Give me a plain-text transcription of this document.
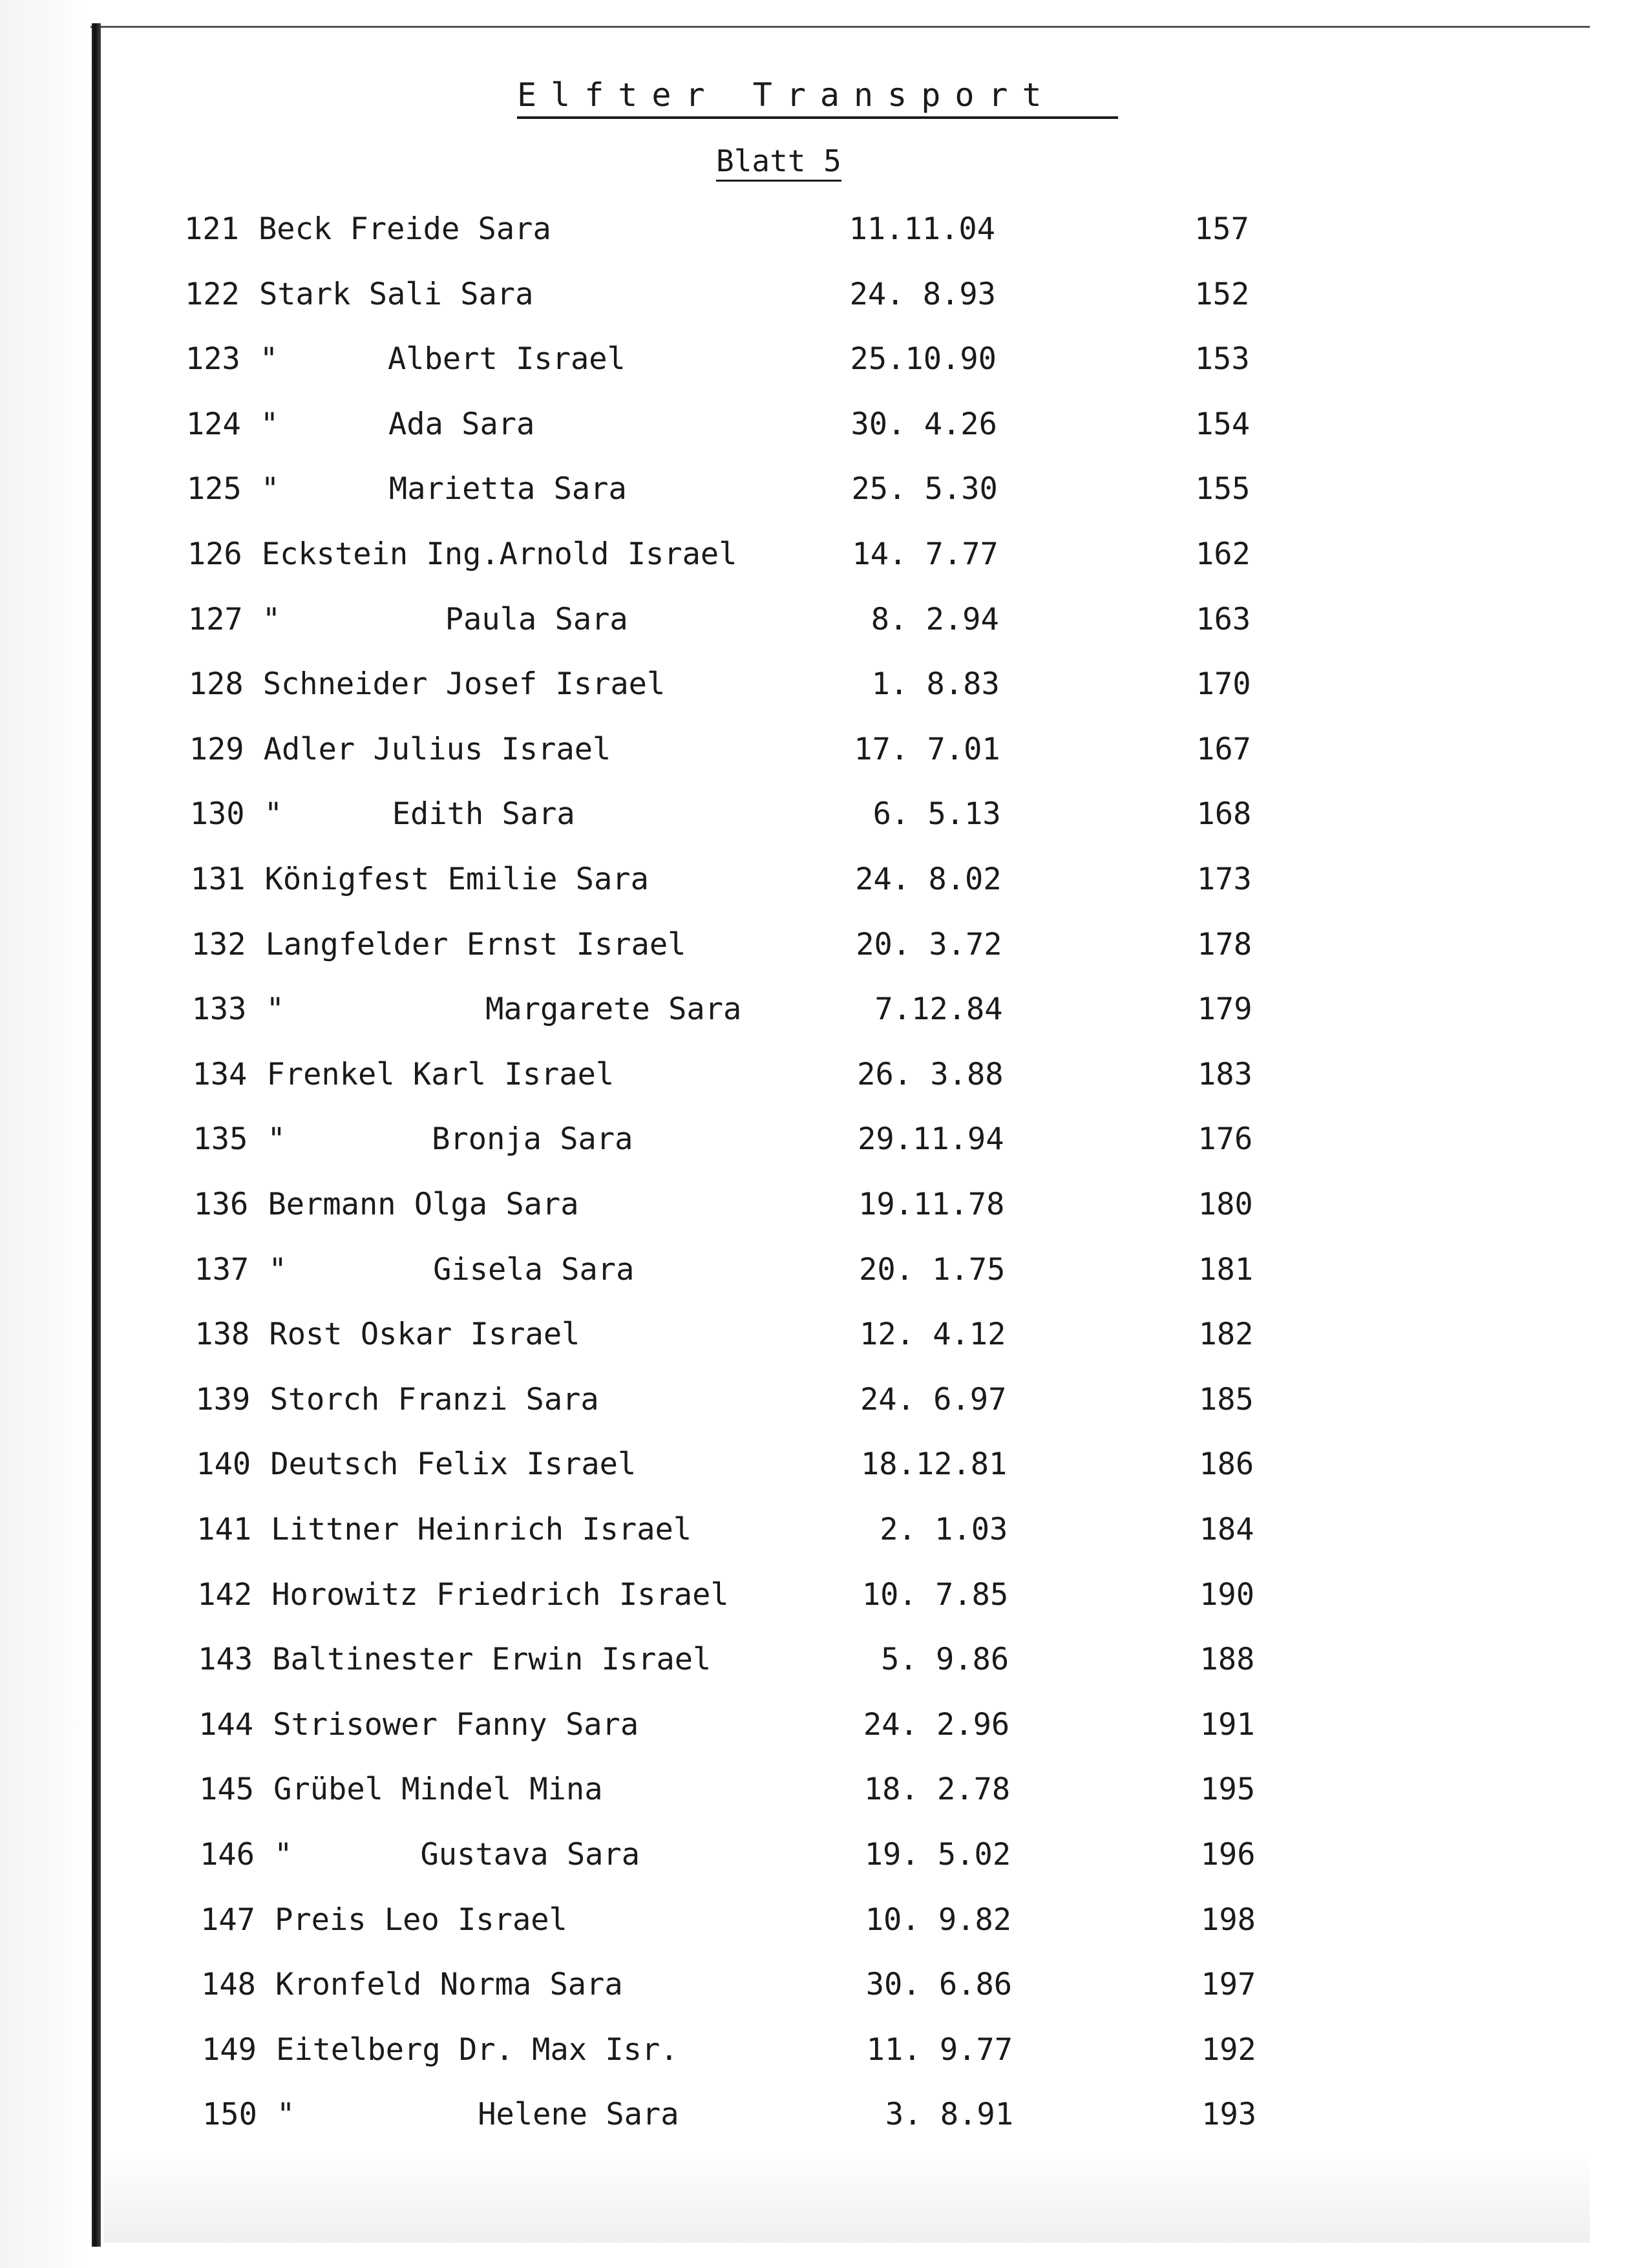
Elfter Transport
Blatt 5
121 Beck Freide Sara	11.11.04	157
122 Stark Sali Sara	24. 8.93	152
123 "      Albert Israel	25.10.90	153
124 "      Ada Sara	30. 4.26	154
125 "      Marietta Sara	25. 5.30	155
126 Eckstein Ing.Arnold Israel	14. 7.77	162
127 "         Paula Sara	8. 2.94	163
128 Schneider Josef Israel	1. 8.83	170
129 Adler Julius Israel	17. 7.01	167
130 "      Edith Sara	6. 5.13	168
131 Königfest Emilie Sara	24. 8.02	173
132 Langfelder Ernst Israel	20. 3.72	178
133 "           Margarete Sara	7.12.84	179
134 Frenkel Karl Israel	26. 3.88	183
135 "        Bronja Sara	29.11.94	176
136 Bermann Olga Sara	19.11.78	180
137 "        Gisela Sara	20. 1.75	181
138 Rost Oskar Israel	12. 4.12	182
139 Storch Franzi Sara	24. 6.97	185
140 Deutsch Felix Israel	18.12.81	186
141 Littner Heinrich Israel	2. 1.03	184
142 Horowitz Friedrich Israel	10. 7.85	190
143 Baltinester Erwin Israel	5. 9.86	188
144 Strisower Fanny Sara	24. 2.96	191
145 Grübel Mindel Mina	18. 2.78	195
146 "       Gustava Sara	19. 5.02	196
147 Preis Leo Israel	10. 9.82	198
148 Kronfeld Norma Sara	30. 6.86	197
149 Eitelberg Dr. Max Isr.	11. 9.77	192
150 "          Helene Sara	3. 8.91	193
